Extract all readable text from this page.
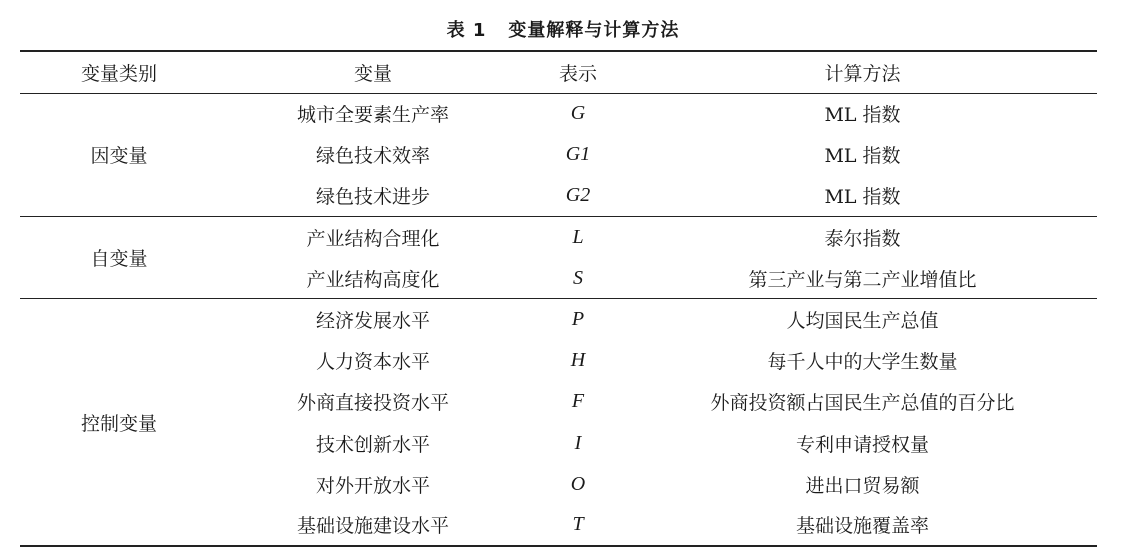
表 1 变量解释与计算方法
变量类别	变量	表示	计算方法
因变量	城市全要素生产率	G	ML 指数
	绿色技术效率	G1	ML 指数
	绿色技术进步	G2	ML 指数
自变量	产业结构合理化	L	泰尔指数
	产业结构高度化	S	第三产业与第二产业增值比
控制变量	经济发展水平	P	人均国民生产总值
	人力资本水平	H	每千人中的大学生数量
	外商直接投资水平	F	外商投资额占国民生产总值的百分比
	技术创新水平	I	专利申请授权量
	对外开放水平	O	进出口贸易额
	基础设施建设水平	T	基础设施覆盖率
